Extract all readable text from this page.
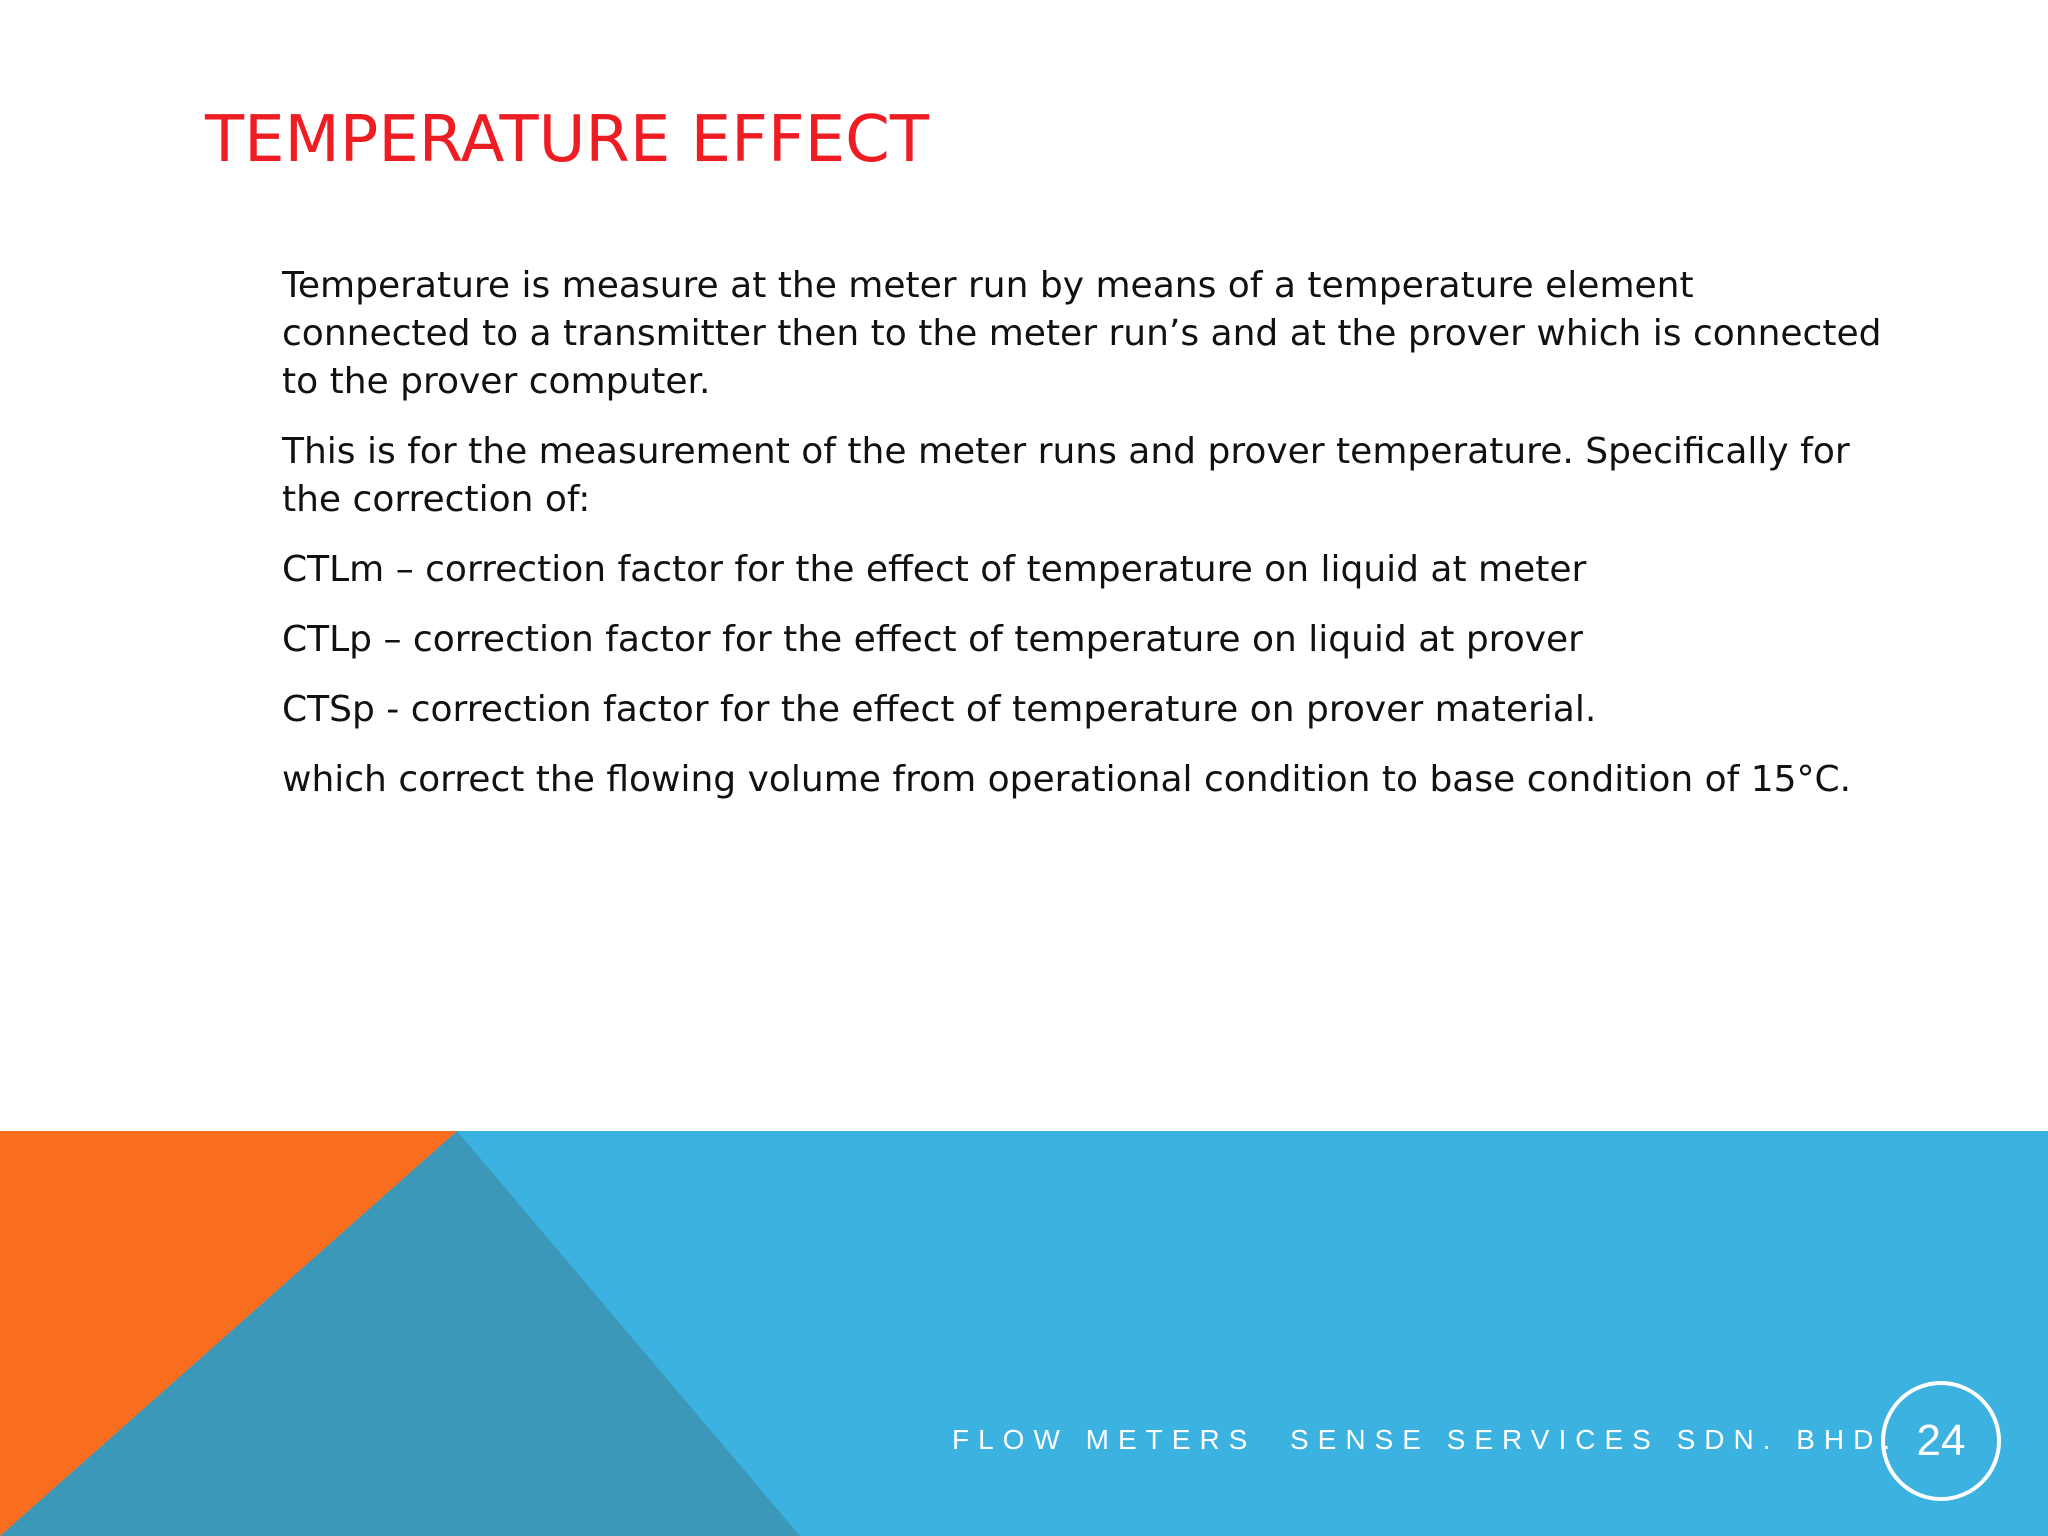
TEMPERATURE EFFECT

Temperature is measure at the meter run by means of a temperature element connected to a transmitter then to the meter run’s and at the prover which is connected to the prover computer.

This is for the measurement of the meter runs and prover temperature. Specifically for the correction of:

CTLm – correction factor for the effect of temperature on liquid at meter

CTLp – correction factor for the effect of temperature on liquid at prover

CTSp - correction factor for the effect of temperature on prover material.

which correct the flowing volume from operational condition to base condition of 15°C.

FLOW METERS SENSE SERVICES SDN. BHD. 24
